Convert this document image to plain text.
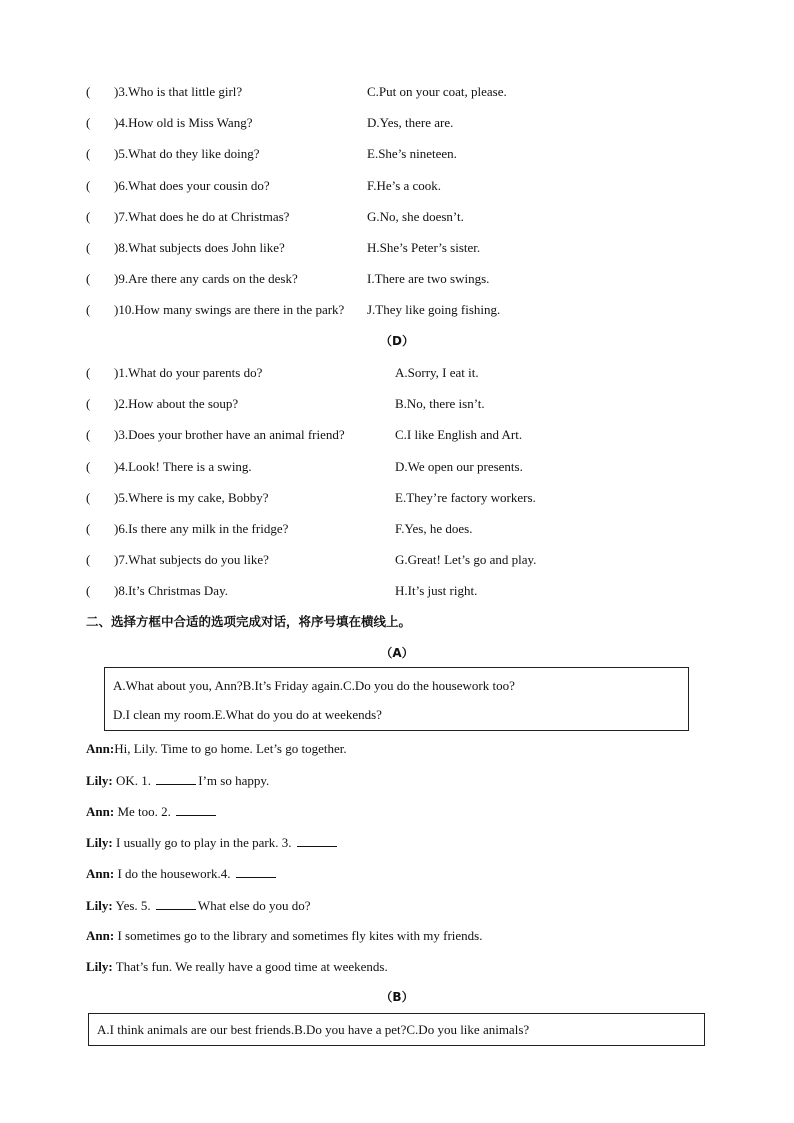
( )3.Who is that little girl?	C.Put on your coat, please.
( )4.How old is Miss Wang?	D.Yes, there are.
( )5.What do they like doing?	E.She’s nineteen.
( )6.What does your cousin do?	F.He’s a cook.
( )7.What does he do at Christmas?	G.No, she doesn’t.
( )8.What subjects does John like?	H.She’s Peter’s sister.
( )9.Are there any cards on the desk?	I.There are two swings.
( )10.How many swings are there in the park? J.They like going fishing.
（D）
( )1.What do your parents do?	A.Sorry, I eat it.
( )2.How about the soup?	B.No, there isn’t.
( )3.Does your brother have an animal friend?	C.I like English and Art.
( )4.Look! There is a swing.	D.We open our presents.
( )5.Where is my cake, Bobby?	E.They’re factory workers.
( )6.Is there any milk in the fridge?	F.Yes, he does.
( )7.What subjects do you like?	G.Great! Let’s go and play.
( )8.It’s Christmas Day.	H.It’s just right.
二、选择方框中合适的选项完成对话，将序号填在横线上。
（A）
A.What about you, Ann?B.It’s Friday again.C.Do you do the housework too?
D.I clean my room.E.What do you do at weekends?
Ann:Hi, Lily. Time to go home. Let’s go together.
Lily: OK. 1.	I’m so happy.
Ann: Me too. 2.
Lily: I usually go to play in the park. 3.
Ann: I do the housework.4.
Lily: Yes. 5.	What else do you do?
Ann: I sometimes go to the library and sometimes fly kites with my friends.
Lily: That’s fun. We really have a good time at weekends.
（B）
A.I think animals are our best friends.B.Do you have a pet?C.Do you like animals?
